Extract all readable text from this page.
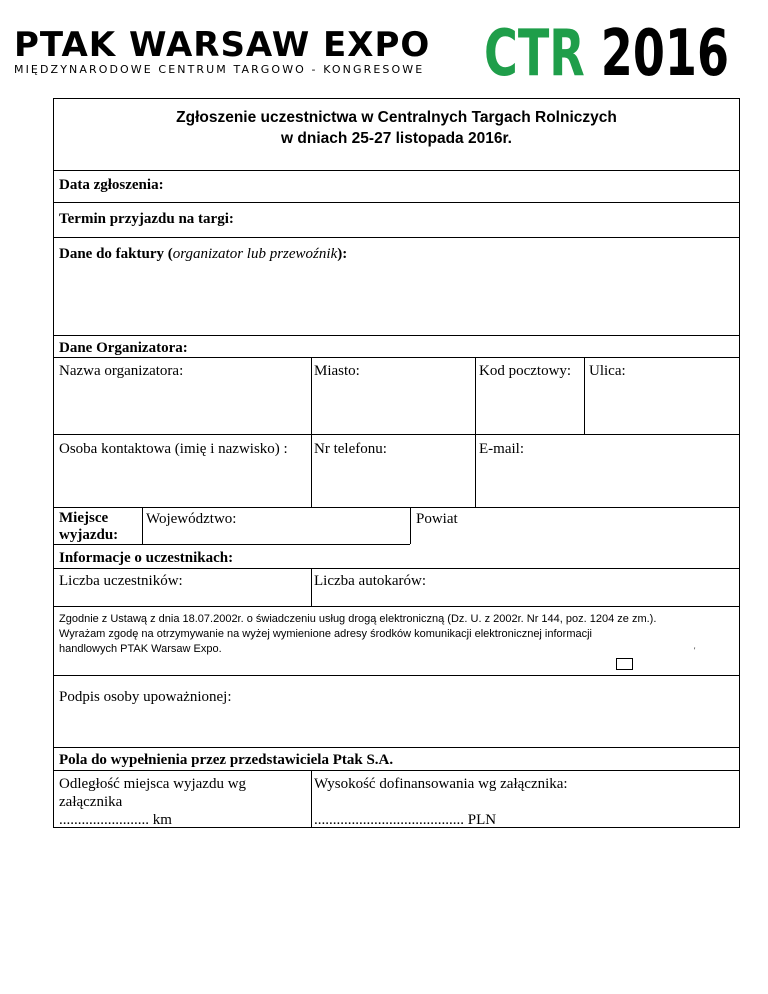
PTAK WARSAW EXPO
MIĘDZYNARODOWE CENTRUM TARGOWO - KONGRESOWE CTR 2016
Zgłoszenie uczestnictwa w Centralnych Targach Rolniczych
w dniach 25-27 listopada 2016r.
Data zgłoszenia:
Termin przyjazdu na targi:
Dane do faktury (organizator lub przewoźnik):
Dane Organizatora:
Nazwa organizatora:	Miasto:	Kod pocztowy: Ulica:
Osoba kontaktowa (imię i nazwisko) : Nr telefonu:	E-mail:
Miejsce
wyjazdu:
Województwo:	Powiat
Informacje o uczestnikach:
Liczba uczestników:	Liczba autokarów:
Zgodnie z Ustawą z dnia 18.07.2002r. o świadczeniu usług drogą elektroniczną (Dz. U. z 2002r. Nr 144, poz. 1204 ze zm.).
Wyrażam zgodę na otrzymywanie na wyżej wymienione adresy środków komunikacji elektronicznej informacji
handlowych PTAK Warsaw Expo.	'
Podpis osoby upoważnionej:
Pola do wypełnienia przez przedstawiciela Ptak S.A.
Odległość miejsca wyjazdu wg
załącznika
........................ km
Wysokość dofinansowania wg załącznika:
........................................ PLN
